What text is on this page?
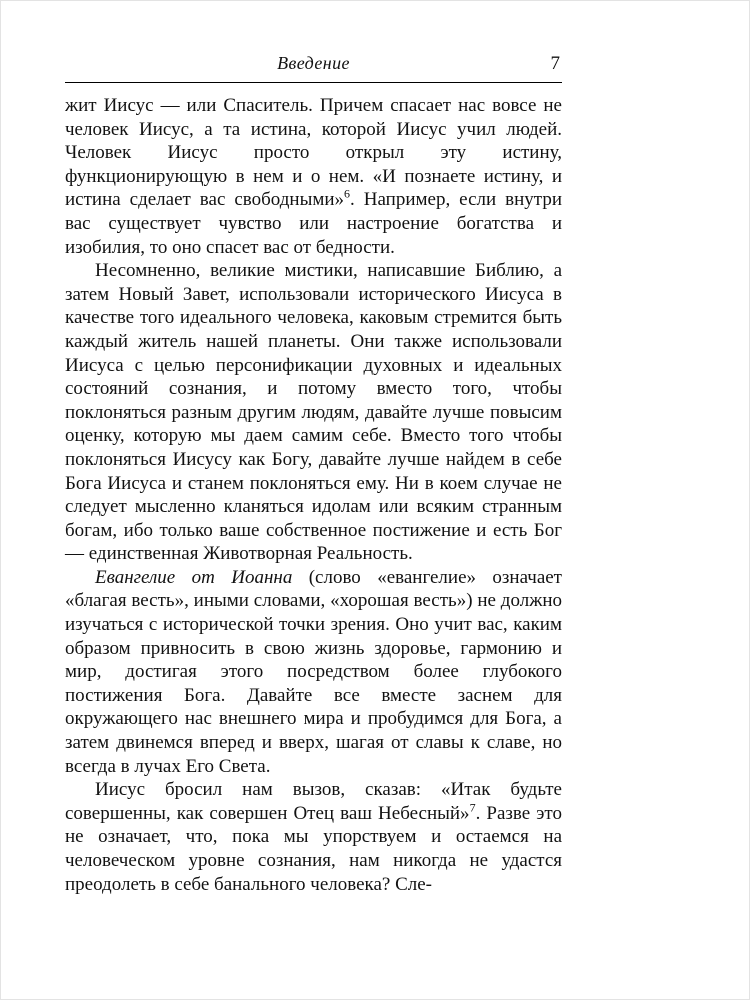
Введение	7

жит Иисус — или Спаситель. Причем спасает нас вовсе не человек Иисус, а та истина, которой Иисус учил людей. Человек Иисус просто открыл эту истину, функционирующую в нем и о нем. «И познаете истину, и истина сделает вас свободными»$^6$. Например, если внутри вас существует чувство или настроение богатства и изобилия, то оно спасет вас от бедности.

Несомненно, великие мистики, написавшие Библию, а затем Новый Завет, использовали исторического Иисуса в качестве того идеального человека, каковым стремится быть каждый житель нашей планеты. Они также использовали Иисуса с целью персонификации духовных и идеальных состояний сознания, и потому вместо того, чтобы поклоняться разным другим людям, давайте лучше повысим оценку, которую мы даем самим себе. Вместо того чтобы поклоняться Иисусу как Богу, давайте лучше найдем в себе Бога Иисуса и станем поклоняться ему. Ни в коем случае не следует мысленно кланяться идолам или всяким странным богам, ибо только ваше собственное постижение и есть Бог — единственная Животворная Реальность.

Евангелие от Иоанна (слово «евангелие» означает «благая весть», иными словами, «хорошая весть») не должно изучаться с исторической точки зрения. Оно учит вас, каким образом привносить в свою жизнь здоровье, гармонию и мир, достигая этого посредством более глубокого постижения Бога. Давайте все вместе заснем для окружающего нас внешнего мира и пробудимся для Бога, а затем двинемся вперед и вверх, шагая от славы к славе, но всегда в лучах Его Света.

Иисус бросил нам вызов, сказав: «Итак будьте совершенны, как совершен Отец ваш Небесный»$^7$. Разве это не означает, что, пока мы упорствуем и остаемся на человеческом уровне сознания, нам никогда не удастся преодолеть в себе банального человека? Сле-
